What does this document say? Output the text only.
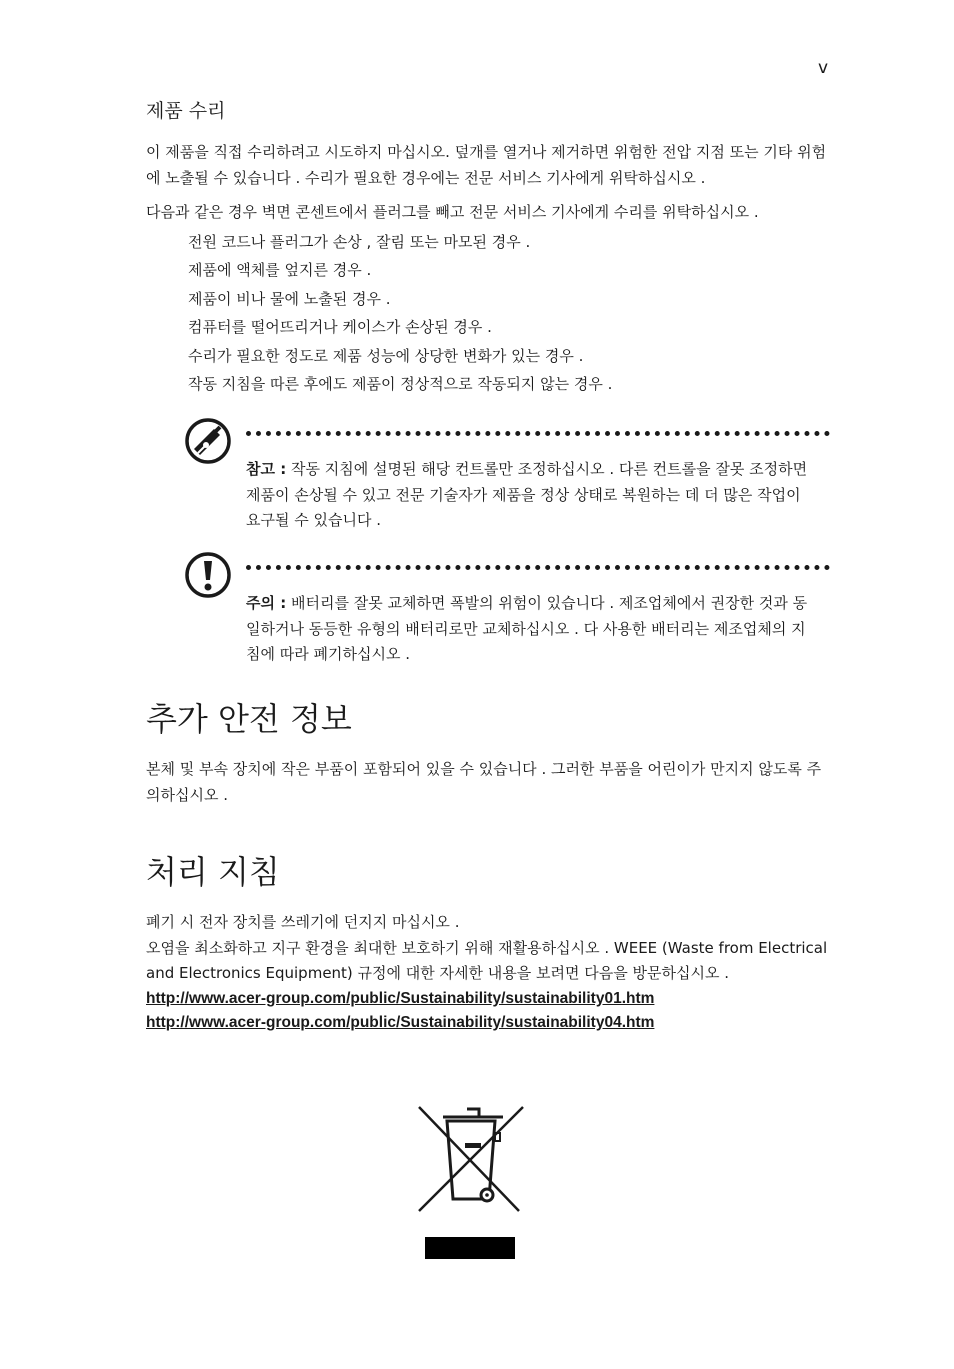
v
제품 수리

이 제품을 직접 수리하려고 시도하지 마십시오. 덮개를 열거나 제거하면 위험한 전압 지점 또는 기타 위험에 노출될 수 있습니다 . 수리가 필요한 경우에는 전문 서비스 기사에게 위탁하십시오 .

다음과 같은 경우 벽면 콘센트에서 플러그를 빼고 전문 서비스 기사에게 수리를 위탁하십시오 .

전원 코드나 플러그가 손상 , 잘림 또는 마모된 경우 .
제품에 액체를 엎지른 경우 .
제품이 비나 물에 노출된 경우 .
컴퓨터를 떨어뜨리거나 케이스가 손상된 경우 .
수리가 필요한 정도로 제품 성능에 상당한 변화가 있는 경우 .
작동 지침을 따른 후에도 제품이 정상적으로 작동되지 않는 경우 .
참고 : 작동 지침에 설명된 해당 컨트롤만 조정하십시오 . 다른 컨트롤을 잘못 조정하면 제품이 손상될 수 있고 전문 기술자가 제품을 정상 상태로 복원하는 데 더 많은 작업이 요구될 수 있습니다 .
주의 : 배터리를 잘못 교체하면 폭발의 위험이 있습니다 . 제조업체에서 권장한 것과 동일하거나 동등한 유형의 배터리로만 교체하십시오 . 다 사용한 배터리는 제조업체의 지침에 따라 폐기하십시오 .
추가 안전 정보

본체 및 부속 장치에 작은 부품이 포함되어 있을 수 있습니다 . 그러한 부품을 어린이가 만지지 않도록 주의하십시오 .

처리 지침

폐기 시 전자 장치를 쓰레기에 던지지 마십시오 .

오염을 최소화하고 지구 환경을 최대한 보호하기 위해 재활용하십시오 . WEEE (Waste from Electrical and Electronics Equipment) 규정에 대한 자세한 내용을 보려면 다음을 방문하십시오 .

http://www.acer-group.com/public/Sustainability/sustainability01.htm
http://www.acer-group.com/public/Sustainability/sustainability04.htm
